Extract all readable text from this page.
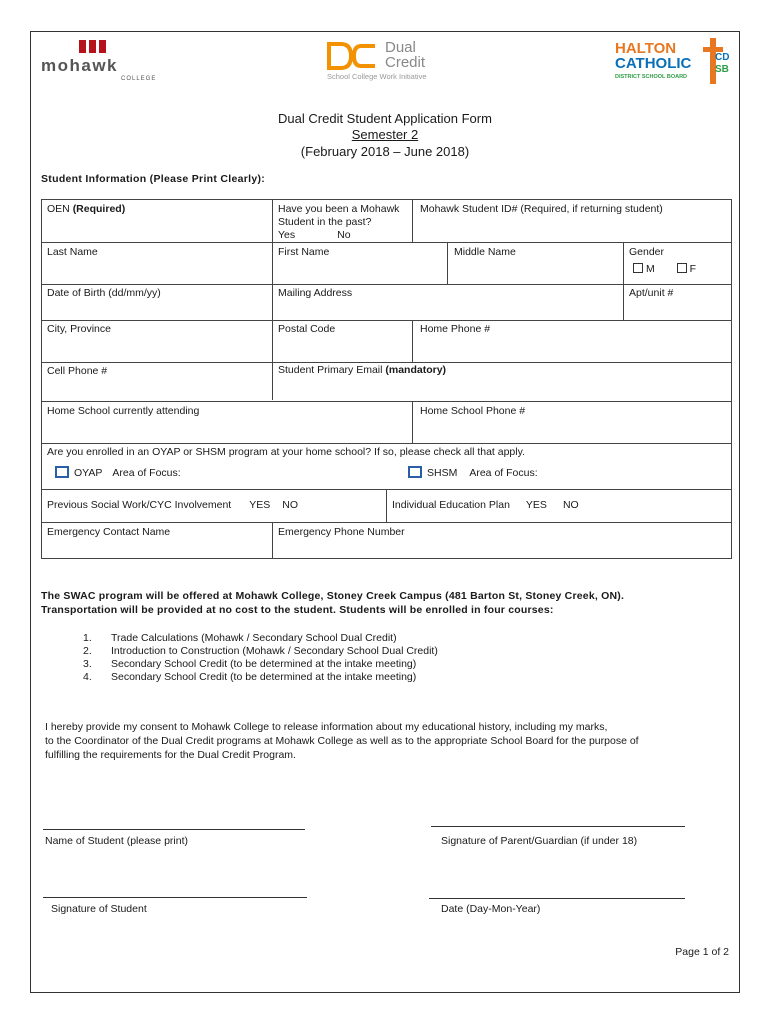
mohawk
COLLEGE
Dual
Credit
School College Work Initiative
HALTON
CATHOLIC
DISTRICT SCHOOL BOARD
CD
SB
Dual Credit Student Application Form
Semester 2
(February 2018 – June 2018)
Student Information (Please Print Clearly):
OEN (Required)	Have you been a Mohawk
Student in the past?
Yes	No
Mohawk Student ID# (Required, if returning student)
Last Name	First Name	Middle Name	Gender
M	F
Date of Birth (dd/mm/yy)	Mailing Address	Apt/unit #
City, Province	Postal Code	Home Phone #
Cell Phone #	Student Primary Email (mandatory)
Home School currently attending	Home School Phone #
Are you enrolled in an OYAP or SHSM program at your home school? If so, please check all that apply.
OYAP Area of Focus:	SHSM Area of Focus:
Previous Social Work/CYC Involvement YES NO	Individual Education Plan YES NO
Emergency Contact Name	Emergency Phone Number
The SWAC program will be offered at Mohawk College, Stoney Creek Campus (481 Barton St, Stoney Creek, ON).
Transportation will be provided at no cost to the student. Students will be enrolled in four courses:
1. Trade Calculations (Mohawk / Secondary School Dual Credit)
2. Introduction to Construction (Mohawk / Secondary School Dual Credit)
3. Secondary School Credit (to be determined at the intake meeting)
4. Secondary School Credit (to be determined at the intake meeting)
I hereby provide my consent to Mohawk College to release information about my educational history, including my marks,
to the Coordinator of the Dual Credit programs at Mohawk College as well as to the appropriate School Board for the purpose of
fulfilling the requirements for the Dual Credit Program.
Name of Student (please print)	Signature of Parent/Guardian (if under 18)
Signature of Student	Date (Day-Mon-Year)
Page 1 of 2
